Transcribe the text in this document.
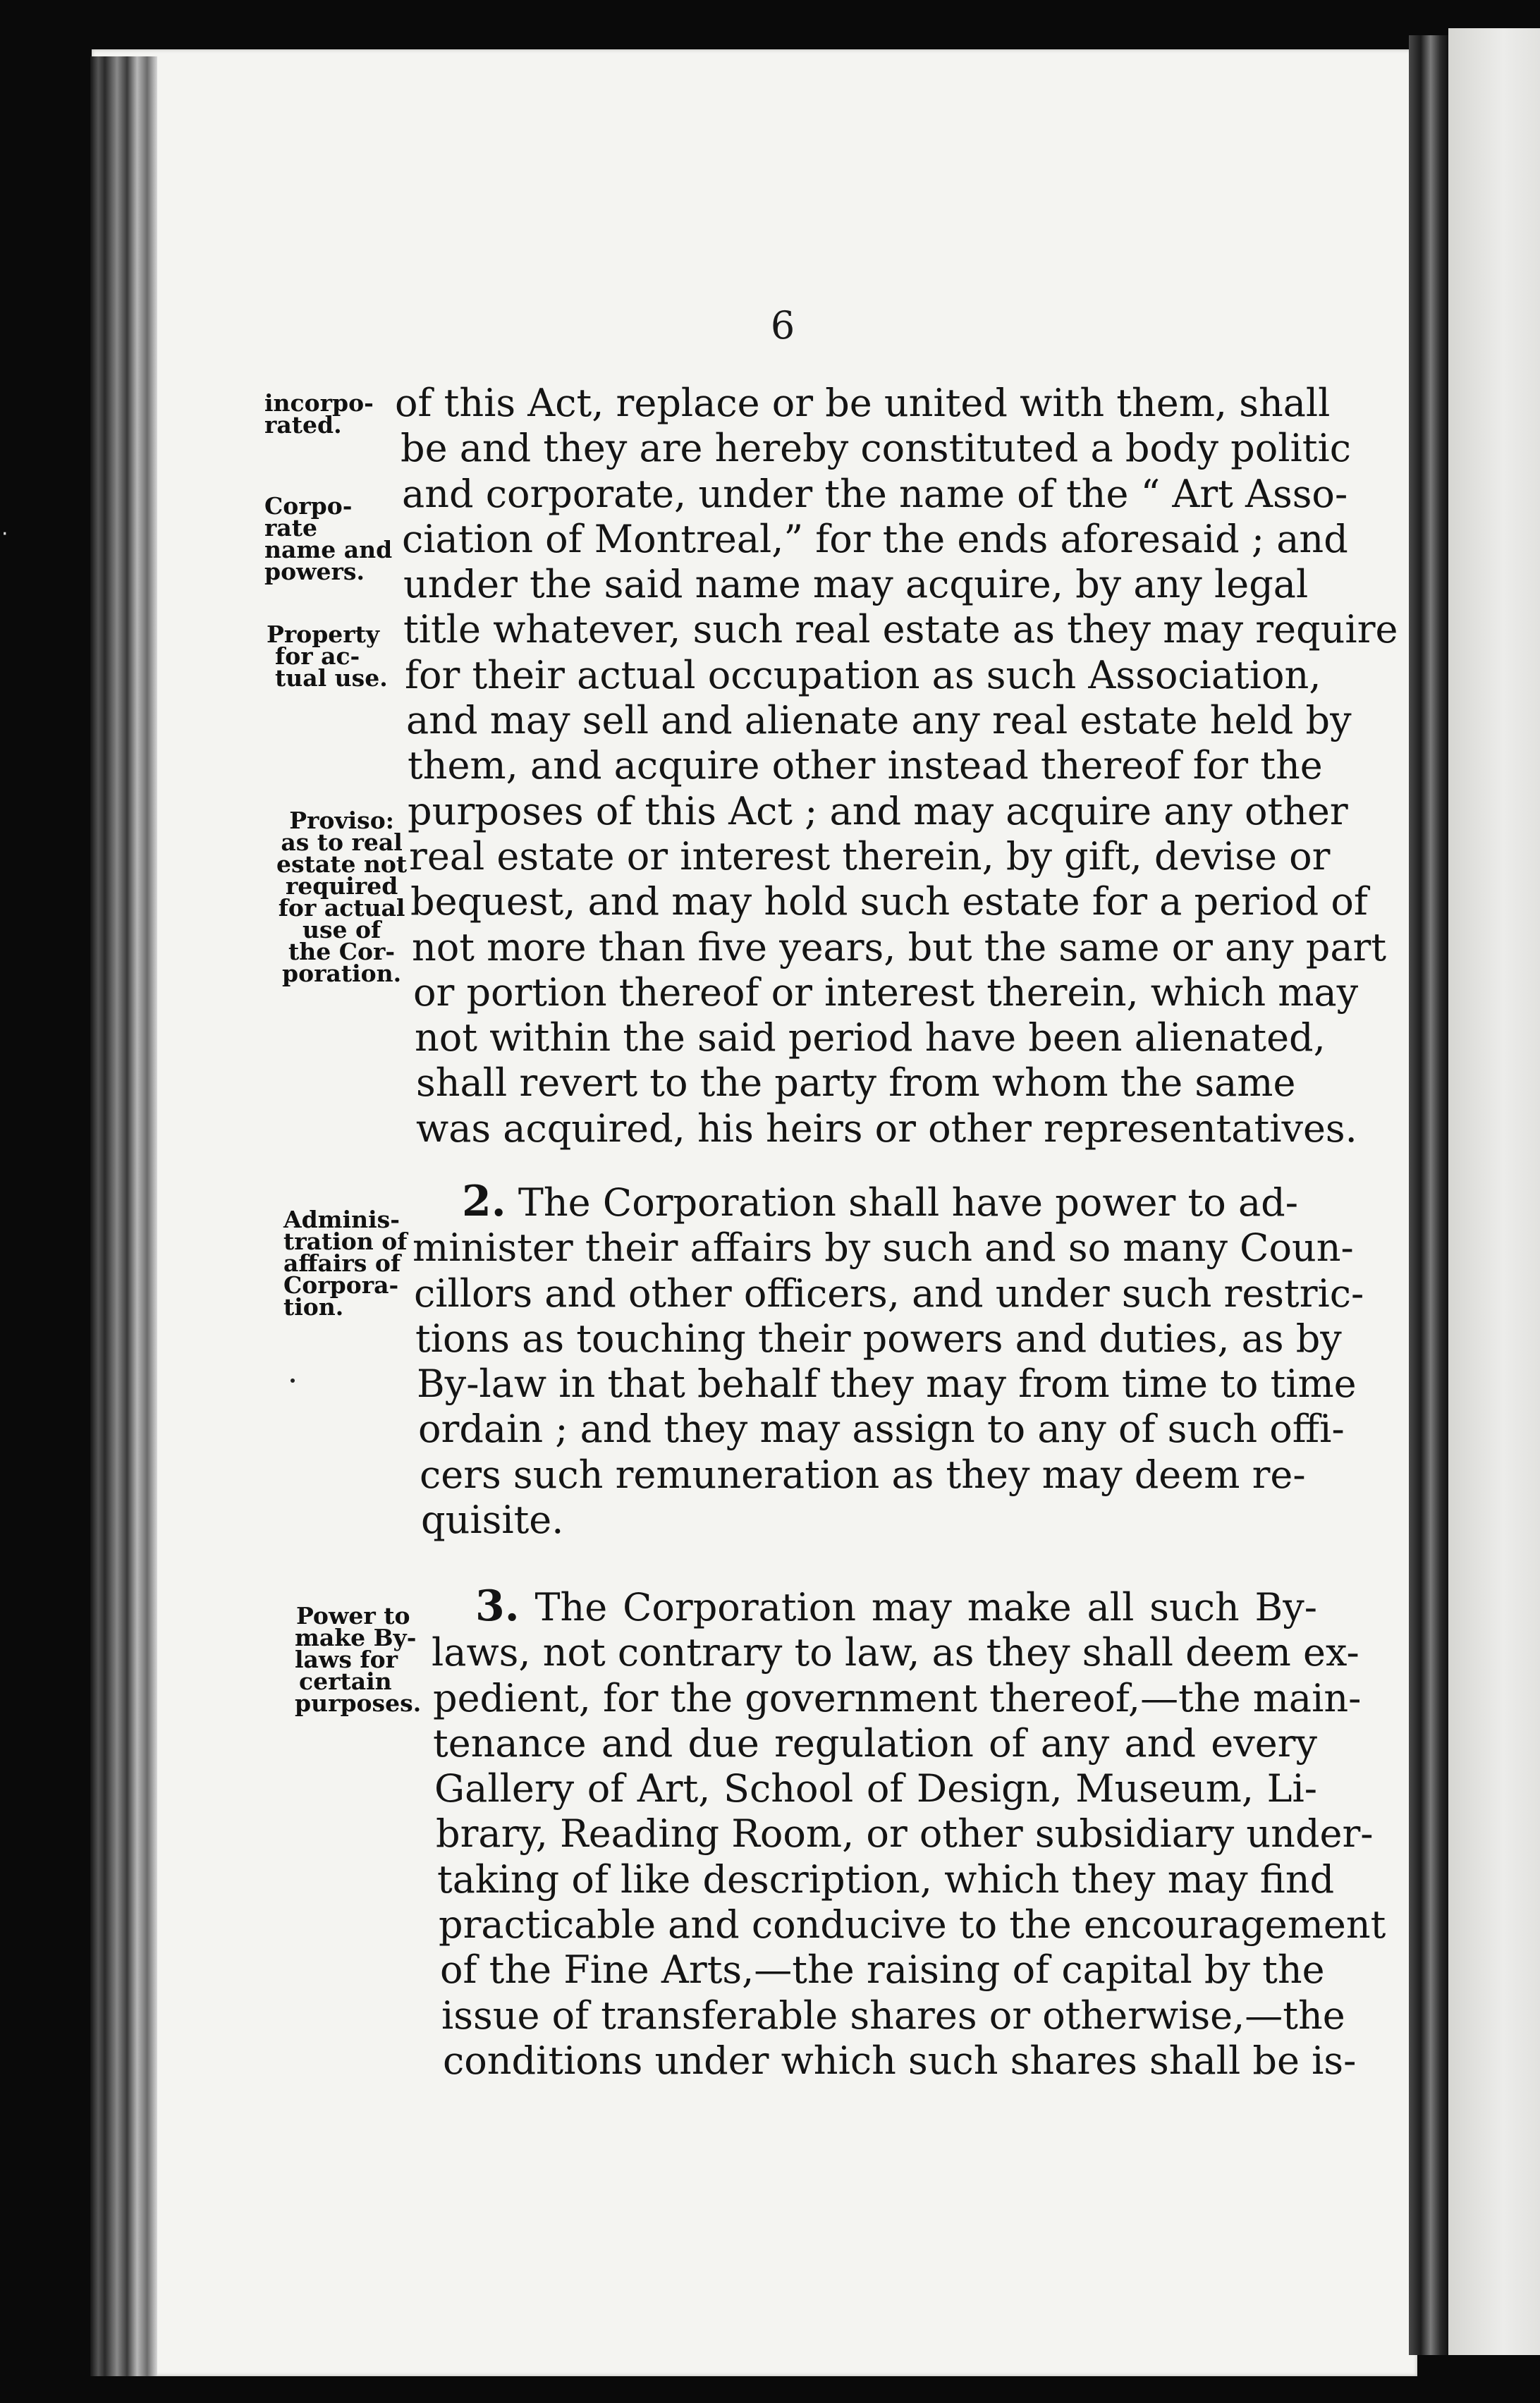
·
6
incorpo-
rated.
Corpo-
rate
name and
powers.
Property
for ac-
tual use.
Proviso:
as to real
estate not
required
for actual
use of
the Cor-
poration.
Adminis-
tration of
affairs of
Corpora-
tion.
Power to
make By-
laws for
certain
purposes.
of this Act, replace or be united with them, shall
be and they are hereby constituted a body politic
and corporate, under the name of the “ Art Asso-
ciation of Montreal,” for the ends aforesaid ; and
under the said name may acquire, by any legal
title whatever, such real estate as they may require
for their actual occupation as such Association,
and may sell and alienate any real estate held by
them, and acquire other instead thereof for the
purposes of this Act ; and may acquire any other
real estate or interest therein, by gift, devise or
bequest, and may hold such estate for a period of
not more than five years, but the same or any part
or portion thereof or interest therein, which may
not within the said period have been alienated,
shall revert to the party from whom the same
was acquired, his heirs or other representatives.
2. The Corporation shall have power to ad-
minister their affairs by such and so many Coun-
cillors and other officers, and under such restric-
tions as touching their powers and duties, as by
By-law in that behalf they may from time to time
ordain ; and they may assign to any of such offi-
cers such remuneration as they may deem re-
quisite.
3. The Corporation may make all such By-
laws, not contrary to law, as they shall deem ex-
pedient, for the government thereof,—the main-
tenance and due regulation of any and every
Gallery of Art, School of Design, Museum, Li-
brary, Reading Room, or other subsidiary under-
taking of like description, which they may find
practicable and conducive to the encouragement
of the Fine Arts,—the raising of capital by the
issue of transferable shares or otherwise,—the
conditions under which such shares shall be is-
